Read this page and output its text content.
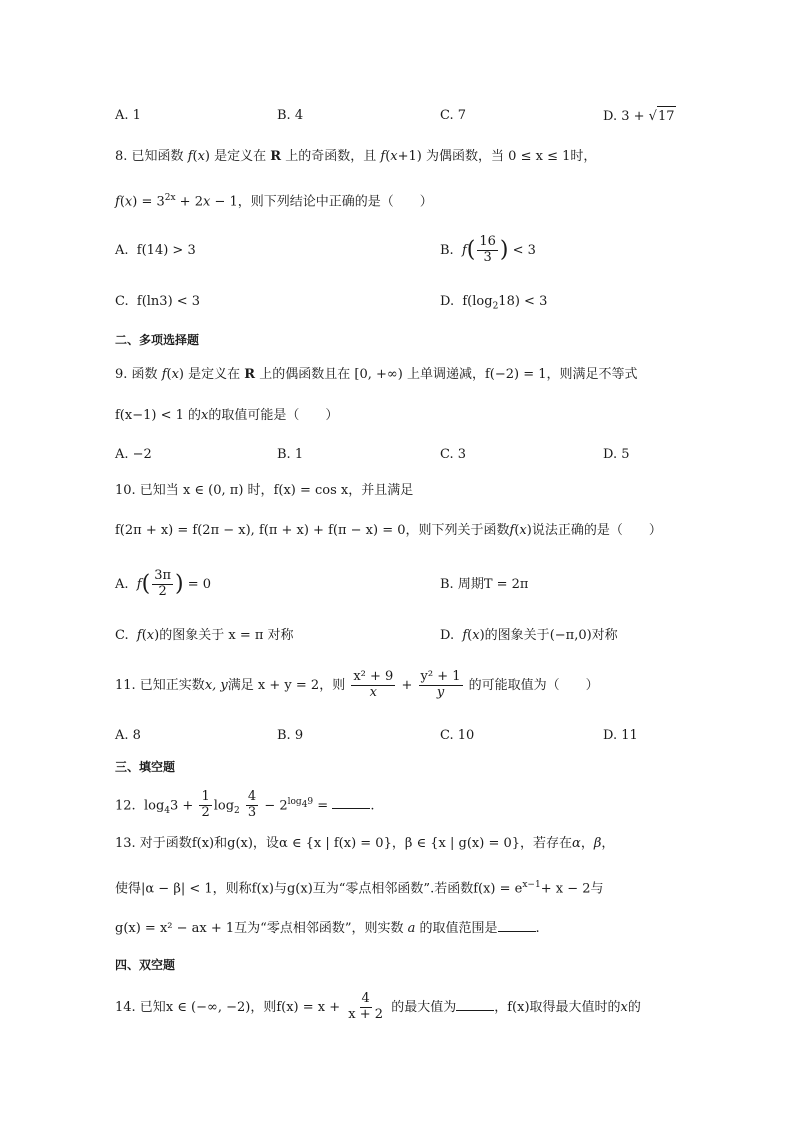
A. 1	B. 4	C. 7	D. 3 + √ 17
8. 已知函数 f(x) 是定义在 R 上的奇函数，且 f(x+1) 为偶函数，当 0 ≤ x ≤ 1时，
$f(x) = 3^{2x} + 2x - 1$，则下列结论中正确的是（　　）
A. f(14) > 3	B. $f( \frac{16}{3}$ ) < 3
C. f(ln3) < 3	D. $f(\log_218) < 3$
二、多项选择题
9. 函数 f(x) 是定义在 R 上的偶函数且在 [0, +∞) 上单调递减，f(−2) = 1，则满足不等式
f(x−1) < 1 的x的取值可能是（　　）
A. −2	B. 1	C. 3	D. 5
10. 已知当 x ∈ (0, π) 时，f(x) = cos x，并且满足
f(2π + x) = f(2π − x), f(π + x) + f(π − x) = 0，则下列关于函数f(x)说法正确的是（　　）
A. $f( \frac{3\pi}{2}$ ) = 0	B. 周期T = 2π
C. f(x)的图象关于 x = π 对称	D. f(x)的图象关于(−π,0)对称
11. 已知正实数x, y满足 x + y = 2，则 $\frac{\text{x² + 9}}{x} + \frac{\text{y² + 1}}{y}$ 的可能取值为（　　）
A. 8	B. 9	C. 10	D. 11
三、填空题
12. $\log_43 + \frac{1}{2} \log_2 \frac{4}{3} - 2^{log_49}$ =	.
13. 对于函数f(x)和g(x)，设α ∈ {x | f(x) = 0}，β ∈ {x | g(x) = 0}，若存在α，β，
使得|α − β| < 1，则称f(x)与g(x)互为“零点相邻函数”.若函数$f(x) = e^{x-1}+ x - 2$与
g(x) = x² − ax + 1互为“零点相邻函数”，则实数 a 的取值范围是	.
四、双空题
14. 已知x ∈ (−∞, −2)，则$f(x) = x + \frac{4}{x + 2}$ 的最大值为	，f(x)取得最大值时的x的
